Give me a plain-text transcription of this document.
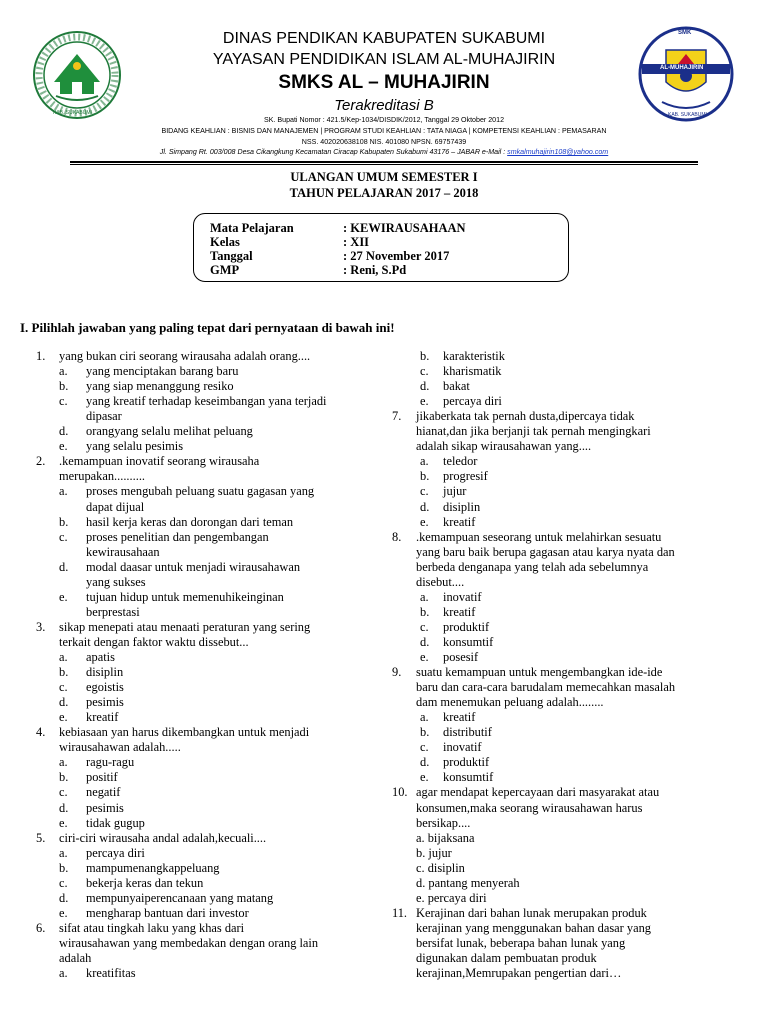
KAB. SUKABUMI
SMK
AL-MUHAJIRIN
KAB. SUKABUMI
DINAS PENDIKAN KABUPATEN SUKABUMI
YAYASAN PENDIDIKAN ISLAM AL-MUHAJIRIN
SMKS AL – MUHAJIRIN
Terakreditasi B
SK. Bupati Nomor : 421.5/Kep-1034/DISDIK/2012, Tanggal 29 Oktober 2012
BIDANG KEAHLIAN : BISNIS DAN MANAJEMEN | PROGRAM STUDI KEAHLIAN : TATA NIAGA | KOMPETENSI KEAHLIAN : PEMASARAN
NSS. 402020638108 NIS. 401080 NPSN. 69757439
Jl. Simpang Rt. 003/008 Desa Cikangkung Kecamatan Ciracap Kabupaten Sukabumi 43176 – JABAR e-Mail : smkalmuhajirin108@yahoo.com
ULANGAN UMUM SEMESTER I
TAHUN PELAJARAN 2017 – 2018
Mata Pelajaran	: KEWIRAUSAHAAN
Kelas	: XII
Tanggal	: 27 November 2017
GMP	: Reni, S.Pd
I. Pilihlah jawaban yang paling tepat dari pernyataan di bawah ini!
1. yang bukan ciri seorang wirausaha adalah orang....
a. yang menciptakan barang baru
b. yang siap menanggung resiko
c. yang kreatif terhadap keseimbangan yana terjadi
dipasar
d. orangyang selalu melihat peluang
e. yang selalu pesimis
2. .kemampuan inovatif seorang wirausaha
merupakan..........
a. proses mengubah peluang suatu gagasan yang
dapat dijual
b. hasil kerja keras dan dorongan dari teman
c. proses penelitian dan pengembangan
kewirausahaan
d. modal daasar untuk menjadi wirausahawan
yang sukses
e. tujuan hidup untuk memenuhikeinginan
berprestasi
3. sikap menepati atau menaati peraturan yang sering
terkait dengan faktor waktu dissebut...
a. apatis
b. disiplin
c. egoistis
d. pesimis
e. kreatif
4. kebiasaan yan harus dikembangkan untuk menjadi
wirausahawan adalah.....
a. ragu-ragu
b. positif
c. negatif
d. pesimis
e. tidak gugup
5. ciri-ciri wirausaha andal adalah,kecuali....
a. percaya diri
b. mampumenangkappeluang
c. bekerja keras dan tekun
d. mempunyaiperencanaan yang matang
e. mengharap bantuan dari investor
6. sifat atau tingkah laku yang khas dari
wirausahawan yang membedakan dengan orang lain
adalah
a. kreatifitas
b. karakteristik
c. kharismatik
d. bakat
e. percaya diri
7. jikaberkata tak pernah dusta,dipercaya tidak
hianat,dan jika berjanji tak pernah mengingkari
adalah sikap wirausahawan yang....
a. teledor
b. progresif
c. jujur
d. disiplin
e. kreatif
8. .kemampuan seseorang untuk melahirkan sesuatu
yang baru baik berupa gagasan atau karya nyata dan
berbeda denganapa yang telah ada sebelumnya
disebut....
a. inovatif
b. kreatif
c. produktif
d. konsumtif
e. posesif
9. suatu kemampuan untuk mengembangkan ide-ide
baru dan cara-cara barudalam memecahkan masalah
dam menemukan peluang adalah........
a. kreatif
b. distributif
c. inovatif
d. produktif
e. konsumtif
10. agar mendapat kepercayaan dari masyarakat atau
konsumen,maka seorang wirausahawan harus
bersikap....
a. bijaksana
b. jujur
c. disiplin
d. pantang menyerah
e. percaya diri
11. Kerajinan dari bahan lunak merupakan produk
kerajinan yang menggunakan bahan dasar yang
bersifat lunak, beberapa bahan lunak yang
digunakan dalam pembuatan produk
kerajinan,Memrupakan pengertian dari…
